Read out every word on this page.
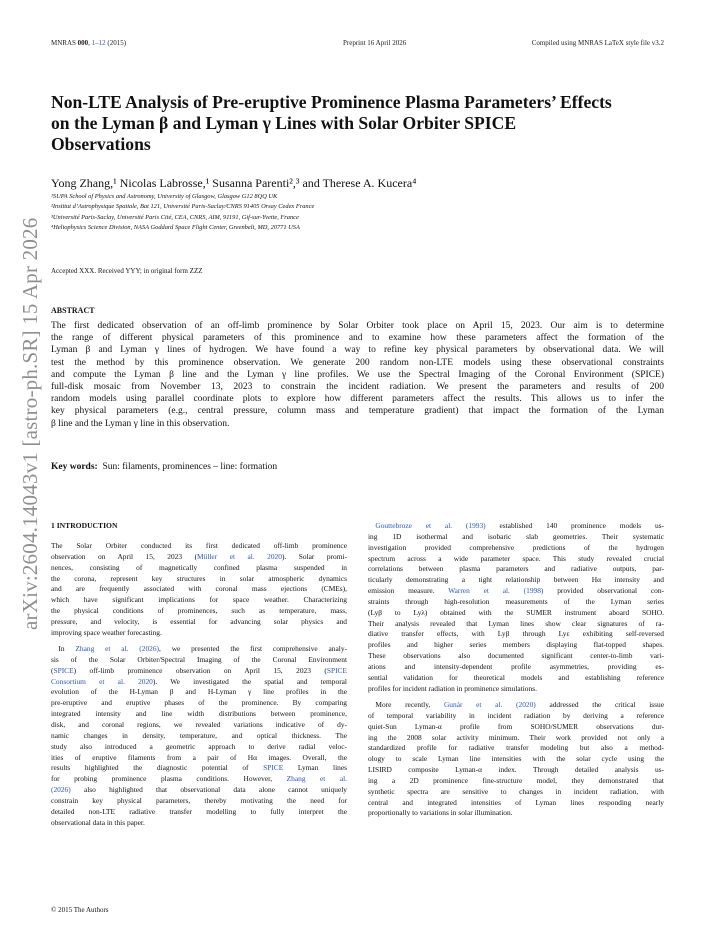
MNRAS 000, 1–12 (2015)	Preprint 16 April 2026	Compiled using MNRAS LaTeX style file v3.2
arXiv:2604.14043v1 [astro-ph.SR] 15 Apr 2026
Non-LTE Analysis of Pre-eruptive Prominence Plasma Parameters’ Effects
on the Lyman β and Lyman γ Lines with Solar Orbiter SPICE
Observations
Yong Zhang,¹ Nicolas Labrosse,¹ Susanna Parenti²,³ and Therese A. Kucera⁴
¹SUPA School of Physics and Astronomy, University of Glasgow, Glasgow G12 8QQ UK
²Institut d’Astrophysique Spatiale, Bat 121, Université Paris-Saclay/CNRS 91405 Orsay Cedex France
³Université Paris-Saclay, Université Paris Cité, CEA, CNRS, AIM, 91191, Gif-sur-Yvette, France
⁴Heliophysics Science Division, NASA Goddard Space Flight Center, Greenbelt, MD, 20771 USA
Accepted XXX. Received YYY; in original form ZZZ
ABSTRACT
The first dedicated observation of an off-limb prominence by Solar Orbiter took place on April 15, 2023. Our aim is to determine
the range of different physical parameters of this prominence and to examine how these parameters affect the formation of the
Lyman β and Lyman γ lines of hydrogen. We have found a way to refine key physical parameters by observational data. We will
test the method by this prominence observation. We generate 200 random non-LTE models using these observational constraints
and compute the Lyman β line and the Lyman γ line profiles. We use the Spectral Imaging of the Coronal Environment (SPICE)
full-disk mosaic from November 13, 2023 to constrain the incident radiation. We present the parameters and results of 200
random models using parallel coordinate plots to explore how different parameters affect the results. This allows us to infer the
key physical parameters (e.g., central pressure, column mass and temperature gradient) that impact the formation of the Lyman
β line and the Lyman γ line in this observation.
Key words: Sun: filaments, prominences – line: formation
1 INTRODUCTION
The Solar Orbiter conducted its first dedicated off-limb prominence
observation on April 15, 2023 (Müller et al. 2020). Solar promi-
nences, consisting of magnetically confined plasma suspended in
the corona, represent key structures in solar atmospheric dynamics
and are frequently associated with coronal mass ejections (CMEs),
which have significant implications for space weather. Characterizing
the physical conditions of prominences, such as temperature, mass,
pressure, and velocity, is essential for advancing solar physics and
improving space weather forecasting.
 In Zhang et al. (2026), we presented the first comprehensive analy-
sis of the Solar Orbiter/Spectral Imaging of the Coronal Environment
(SPICE) off-limb prominence observation on April 15, 2023 (SPICE
Consortium et al. 2020). We investigated the spatial and temporal
evolution of the H-Lyman β and H-Lyman γ line profiles in the
pre-eruptive and eruptive phases of the prominence. By comparing
integrated intensity and line width distributions between prominence,
disk, and coronal regions, we revealed variations indicative of dy-
namic changes in density, temperature, and optical thickness. The
study also introduced a geometric approach to derive radial veloc-
ities of eruptive filaments from a pair of Hα images. Overall, the
results highlighted the diagnostic potential of SPICE Lyman lines
for probing prominence plasma conditions. However, Zhang et al.
(2026) also highlighted that observational data alone cannot uniquely
constrain key physical parameters, thereby motivating the need for
detailed non-LTE radiative transfer modelling to fully interpret the
observational data in this paper.
 Gouttebroze et al. (1993) established 140 prominence models us-
ing 1D isothermal and isobaric slab geometries. Their systematic
investigation provided comprehensive predictions of the hydrogen
spectrum across a wide parameter space. This study revealed crucial
correlations between plasma parameters and radiative outputs, par-
ticularly demonstrating a tight relationship between Hα intensity and
emission measure. Warren et al. (1998) provided observational con-
straints through high-resolution measurements of the Lyman series
(Lyβ to Lyλ) obtained with the SUMER instrument aboard SOHO.
Their analysis revealed that Lyman lines show clear signatures of ra-
diative transfer effects, with Lyβ through Lyε exhibiting self-reversed
profiles and higher series members displaying flat-topped shapes.
These observations also documented significant center-to-limb vari-
ations and intensity-dependent profile asymmetries, providing es-
sential validation for theoretical models and establishing reference
profiles for incident radiation in prominence simulations.
 More recently, Gunár et al. (2020) addressed the critical issue
of temporal variability in incident radiation by deriving a reference
quiet-Sun Lyman-α profile from SOHO/SUMER observations dur-
ing the 2008 solar activity minimum. Their work provided not only a
standardized profile for radiative transfer modeling but also a method-
ology to scale Lyman line intensities with the solar cycle using the
LISIRD composite Lyman-α index. Through detailed analysis us-
ing a 2D prominence fine-structure model, they demonstrated that
synthetic spectra are sensitive to changes in incident radiation, with
central and integrated intensities of Lyman lines responding nearly
proportionally to variations in solar illumination.
© 2015 The Authors
